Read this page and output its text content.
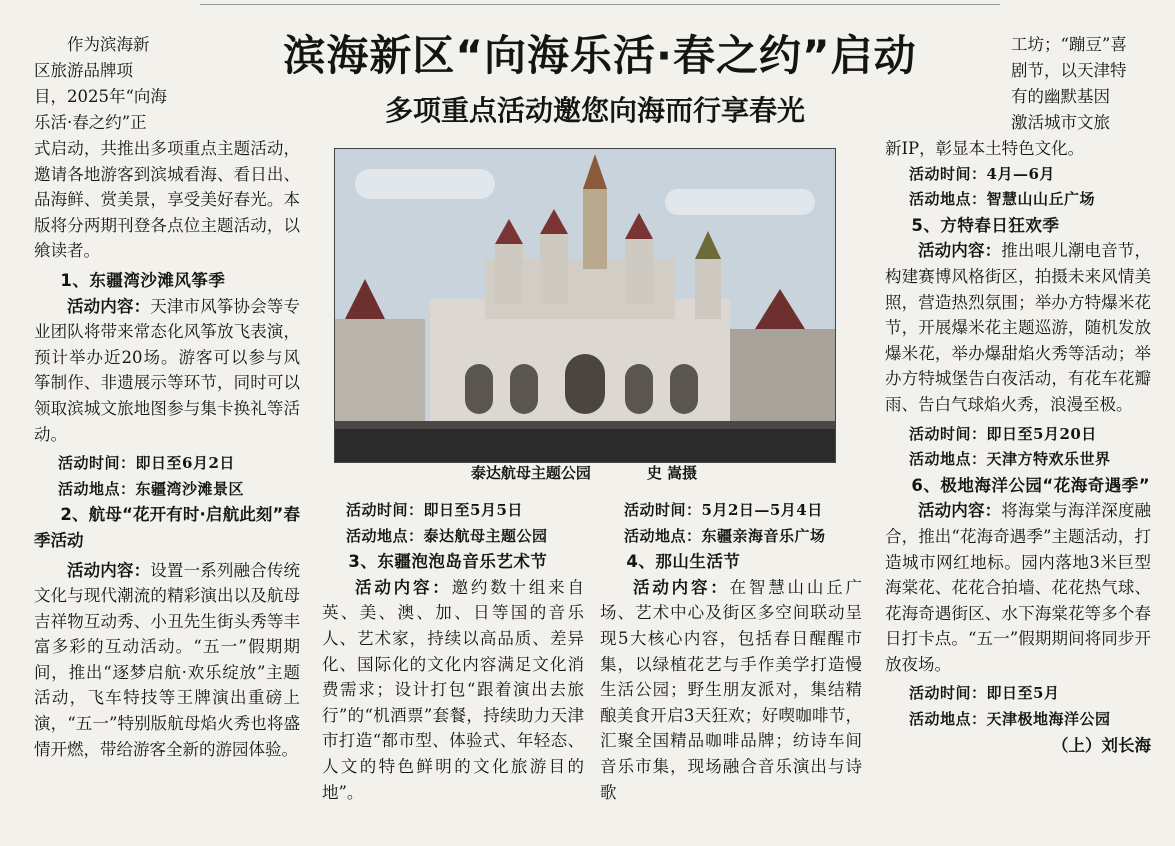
作为滨海新

区旅游品牌项

目，2025年“向海

乐活·春之约”正

式启动，共推出多项重点主题活动，邀请各地游客到滨城看海、看日出、品海鲜、赏美景，享受美好春光。本版将分两期刊登各点位主题活动，以飨读者。

1、东疆湾沙滩风筝季

活动内容：天津市风筝协会等专业团队将带来常态化风筝放飞表演，预计举办近20场。游客可以参与风筝制作、非遗展示等环节，同时可以领取滨城文旅地图参与集卡换礼等活动。

活动时间：即日至6月2日

活动地点：东疆湾沙滩景区

2、航母“花开有时·启航此刻”春季活动

活动内容：设置一系列融合传统文化与现代潮流的精彩演出以及航母吉祥物互动秀、小丑先生街头秀等丰富多彩的互动活动。“五一”假期期间，推出“逐梦启航·欢乐绽放”主题活动，飞车特技等王牌演出重磅上演，“五一”特别版航母焰火秀也将盛情开燃，带给游客全新的游园体验。

滨海新区“向海乐活·春之约”启动
多项重点活动邀您向海而行享春光
泰达航母主题公园	史 嵩摄

活动时间：即日至5月5日

活动地点：泰达航母主题公园

3、东疆泡泡岛音乐艺术节

活动内容：邀约数十组来自英、美、澳、加、日等国的音乐人、艺术家，持续以高品质、差异化、国际化的文化内容满足文化消费需求；设计打包“跟着演出去旅行”的“机酒票”套餐，持续助力天津市打造“都市型、体验式、年轻态、人文的特色鲜明的文化旅游目的地”。

活动时间：5月2日—5月4日

活动地点：东疆亲海音乐广场

4、那山生活节

活动内容：在智慧山山丘广场、艺术中心及街区多空间联动呈现5大核心内容，包括春日醒醒市集，以绿植花艺与手作美学打造慢生活公园；野生朋友派对，集结精酿美食开启3天狂欢；好喫咖啡节，汇聚全国精品咖啡品牌；纺诗车间音乐市集，现场融合音乐演出与诗歌

工坊；“蹦豆”喜

剧节，以天津特

有的幽默基因

激活城市文旅

新IP，彰显本土特色文化。

活动时间：4月—6月

活动地点：智慧山山丘广场

5、方特春日狂欢季

活动内容：推出哏儿潮电音节，构建赛博风格街区，拍摄未来风情美照，营造热烈氛围；举办方特爆米花节，开展爆米花主题巡游，随机发放爆米花，举办爆甜焰火秀等活动；举办方特城堡告白夜活动，有花车花瓣雨、告白气球焰火秀，浪漫至极。

活动时间：即日至5月20日

活动地点：天津方特欢乐世界

6、极地海洋公园“花海奇遇季”

活动内容：将海棠与海洋深度融合，推出“花海奇遇季”主题活动，打造城市网红地标。园内落地3米巨型海棠花、花花合拍墙、花花热气球、花海奇遇街区、水下海棠花等多个春日打卡点。“五一”假期期间将同步开放夜场。

活动时间：即日至5月

活动地点：天津极地海洋公园

（上）刘长海
